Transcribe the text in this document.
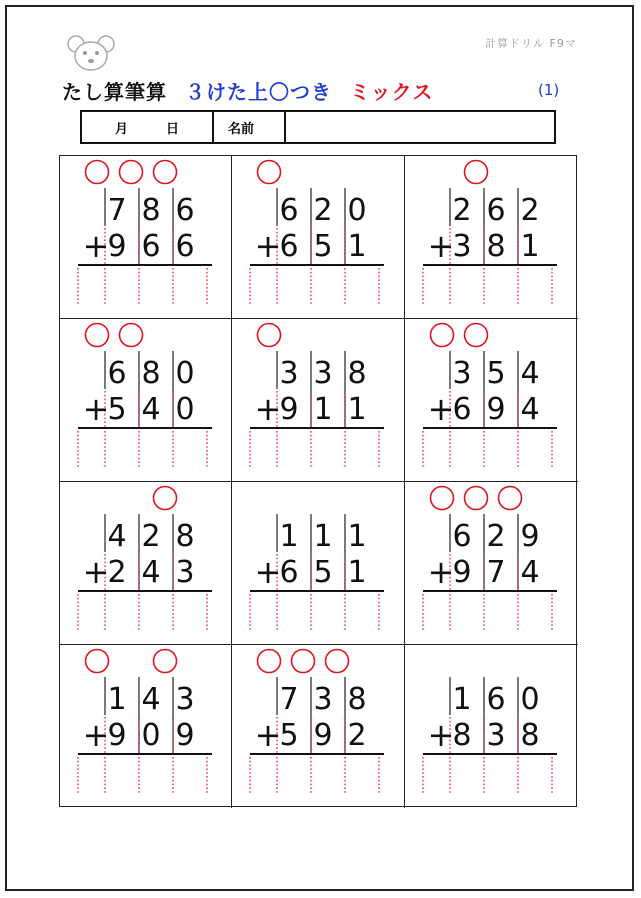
計算ドリル F9マ
たし算筆算 ３けた上〇つき ミックス	(1)
月	日	名前
7 8 6
+
9 6 6
6 2 0
+
6 5 1
2 6 2
+
3 8 1
6 8 0
+
5 4 0
3 3 8
+
9 1 1
3 5 4
+
6 9 4
4 2 8
+
2 4 3
1 1 1
+
6 5 1
6 2 9
+
9 7 4
1 4 3
+
9 0 9
7 3 8
+
5 9 2
1 6 0
+
8 3 8
